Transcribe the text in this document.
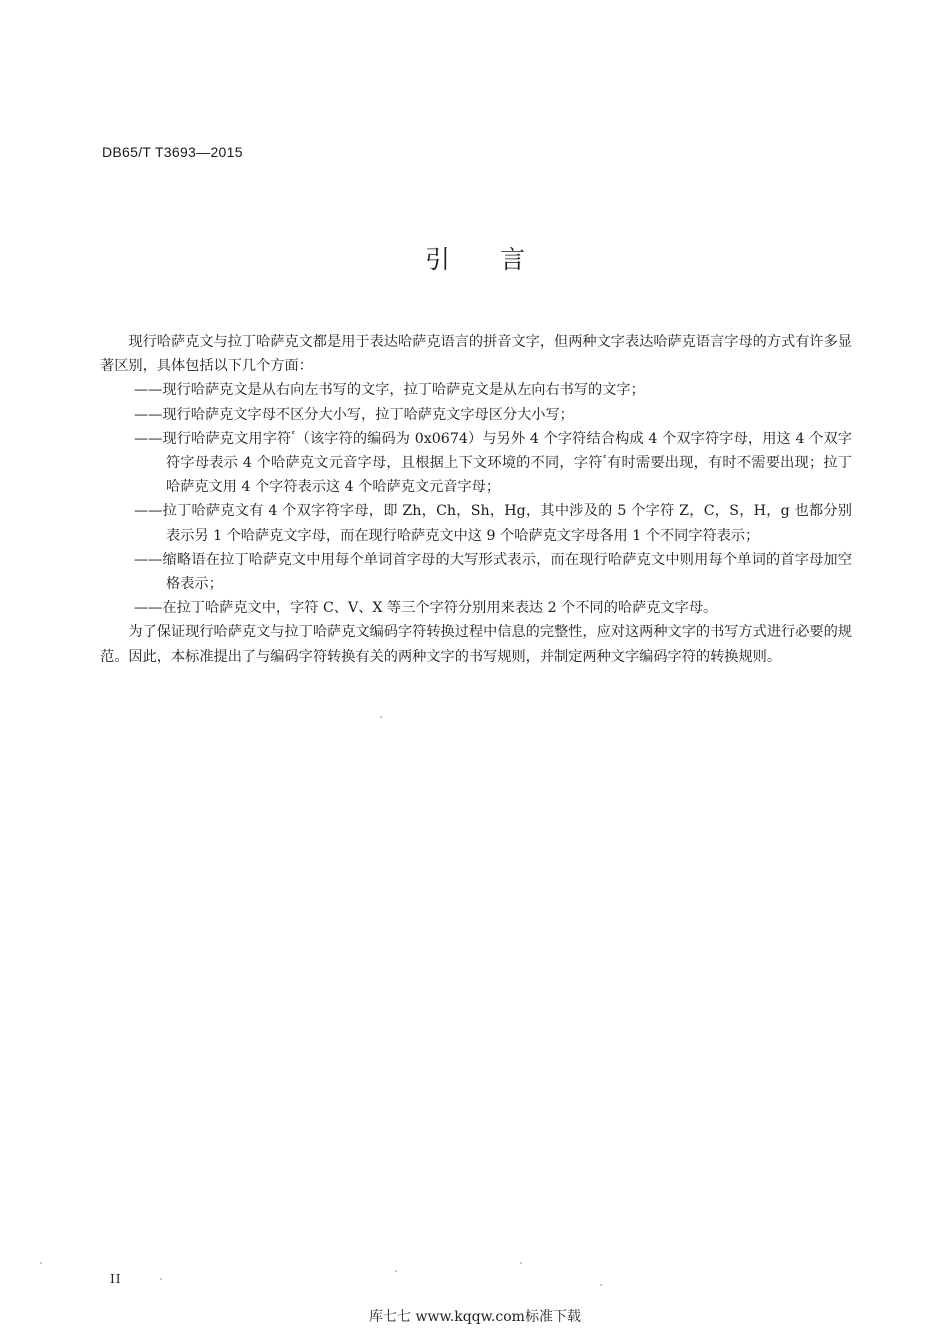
DB65/T T3693—2015
引言

现行哈萨克文与拉丁哈萨克文都是用于表达哈萨克语言的拼音文字，但两种文字表达哈萨克语言字母的方式有许多显著区别，具体包括以下几个方面：

——现行哈萨克文是从右向左书写的文字，拉丁哈萨克文是从左向右书写的文字；

——现行哈萨克文字母不区分大小写，拉丁哈萨克文字母区分大小写；

——现行哈萨克文用字符ٴ（该字符的编码为 0x0674）与另外 4 个字符结合构成 4 个双字符字母，用这 4 个双字符字母表示 4 个哈萨克文元音字母，且根据上下文环境的不同，字符ٴ有时需要出现，有时不需要出现；拉丁哈萨克文用 4 个字符表示这 4 个哈萨克文元音字母；

——拉丁哈萨克文有 4 个双字符字母，即 Zh，Ch，Sh，Hg，其中涉及的 5 个字符 Z，C，S，H，g 也都分别表示另 1 个哈萨克文字母，而在现行哈萨克文中这 9 个哈萨克文字母各用 1 个不同字符表示；

——缩略语在拉丁哈萨克文中用每个单词首字母的大写形式表示，而在现行哈萨克文中则用每个单词的首字母加空格表示；

——在拉丁哈萨克文中，字符 C、V、X 等三个字符分别用来表达 2 个不同的哈萨克文字母。

为了保证现行哈萨克文与拉丁哈萨克文编码字符转换过程中信息的完整性，应对这两种文字的书写方式进行必要的规范。因此，本标准提出了与编码字符转换有关的两种文字的书写规则，并制定两种文字编码字符的转换规则。

II
库七七 www.kqqw.com标准下载
